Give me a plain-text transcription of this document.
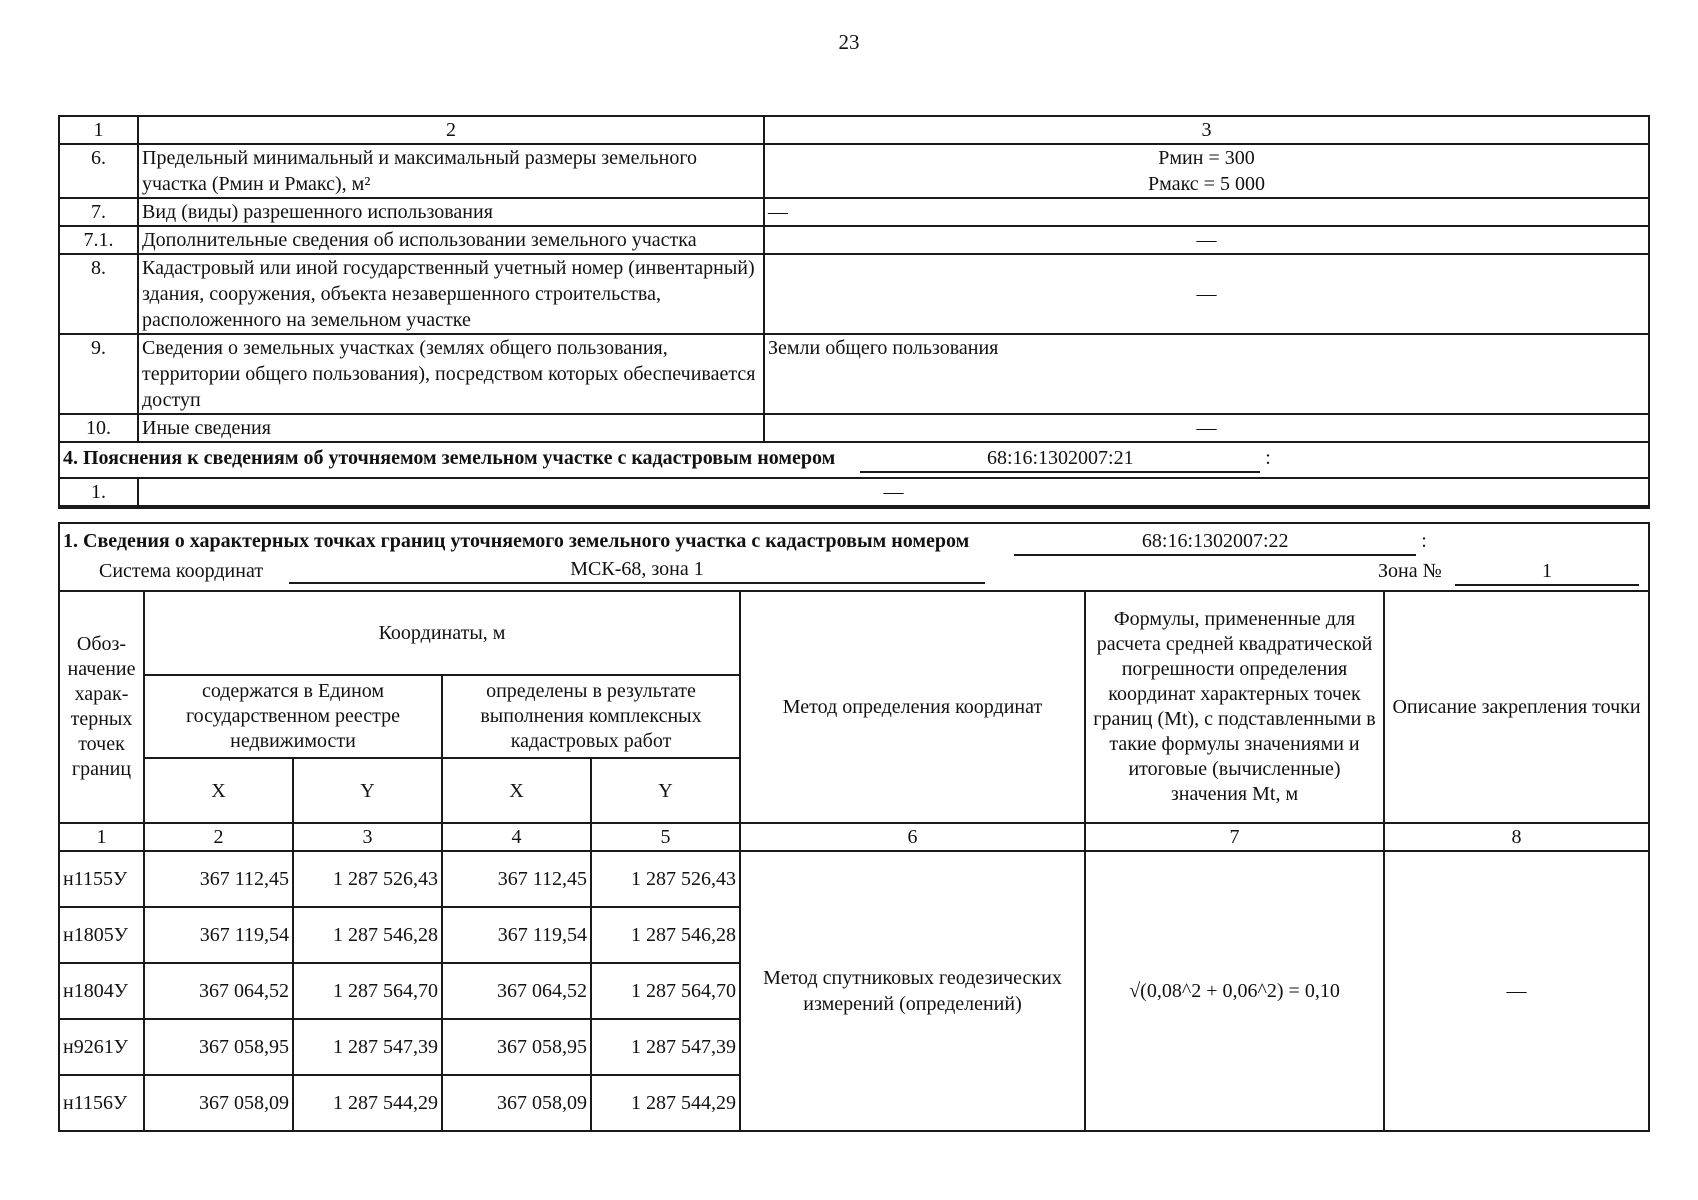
23
1	2	3
6.	Предельный минимальный и максимальный размеры земельного участка (Рмин и Рмакс), м²	Рмин = 300
Рмакс = 5 000

7.	Вид (виды) разрешенного использования	—
7.1.	Дополнительные сведения об использовании земельного участка	—
8.	Кадастровый или иной государственный учетный номер (инвентарный) здания, сооружения, объекта незавершенного строительства, расположенного на земельном участке	—
9.	Сведения о земельных участках (землях общего пользования, территории общего пользования), посредством которых обеспечивается доступ	Земли общего пользования
10.	Иные сведения	—
4. Пояснения к сведениям об уточняемом земельном участке с кадастровым номером 68:16:1302007:21 :		
1.	—	
1. Сведения о характерных точках границ уточняемого земельного участка с кадастровым номером 68:16:1302007:22 :
Система координат МСК-68, зона 1 Зона № 1							

Обоз-начение харак-терных точек границ	Координаты, м				Метод определения координат	Формулы, примененные для расчета средней квадратической погрешности определения координат характерных точек границ (Mt), с подставленными в такие формулы значениями и итоговые (вычисленные) значения Mt, м	Описание закрепления точки
	содержатся в Едином государственном реестре недвижимости		определены в результате выполнения комплексных кадастровых работ				
	X	Y	X	Y			
1	2	3	4	5	6	7	8
н1155У	367 112,45	1 287 526,43	367 112,45	1 287 526,43	Метод спутниковых геодезических измерений (определений)	√(0,08^2 + 0,06^2) = 0,10	—
н1805У	367 119,54	1 287 546,28	367 119,54	1 287 546,28			
н1804У	367 064,52	1 287 564,70	367 064,52	1 287 564,70			
н9261У	367 058,95	1 287 547,39	367 058,95	1 287 547,39			
н1156У	367 058,09	1 287 544,29	367 058,09	1 287 544,29			
